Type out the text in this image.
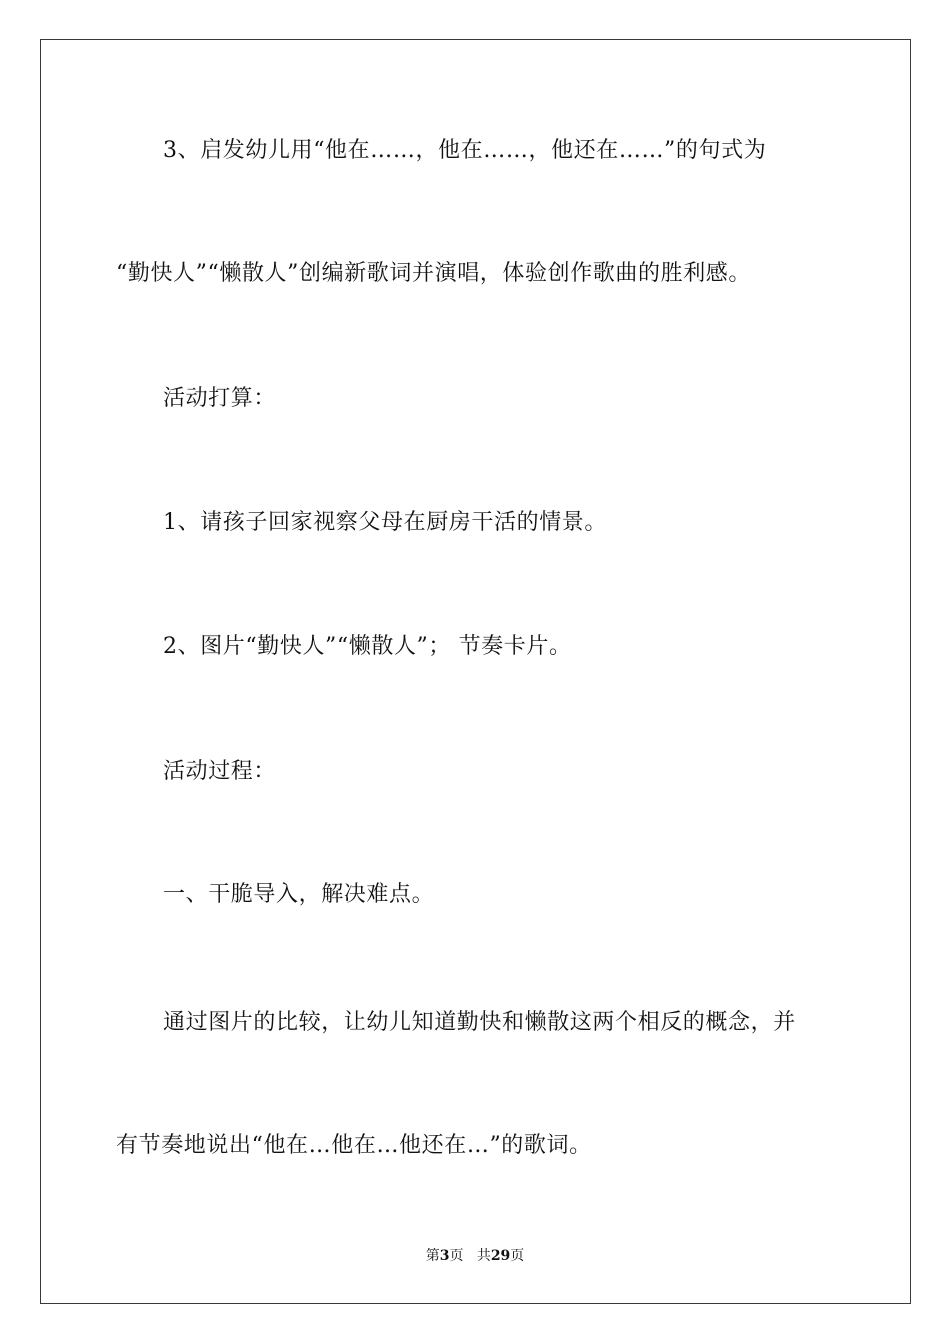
3、启发幼儿用“他在……，他在……，他还在……”的句式为
“勤快人”“懒散人”创编新歌词并演唱，体验创作歌曲的胜利感。
活动打算：
1、请孩子回家视察父母在厨房干活的情景。
2、图片“勤快人”“懒散人”； 节奏卡片。
活动过程：
一、干脆导入，解决难点。
通过图片的比较，让幼儿知道勤快和懒散这两个相反的概念，并
有节奏地说出“他在…他在…他还在…”的歌词。
第3页 共29页
